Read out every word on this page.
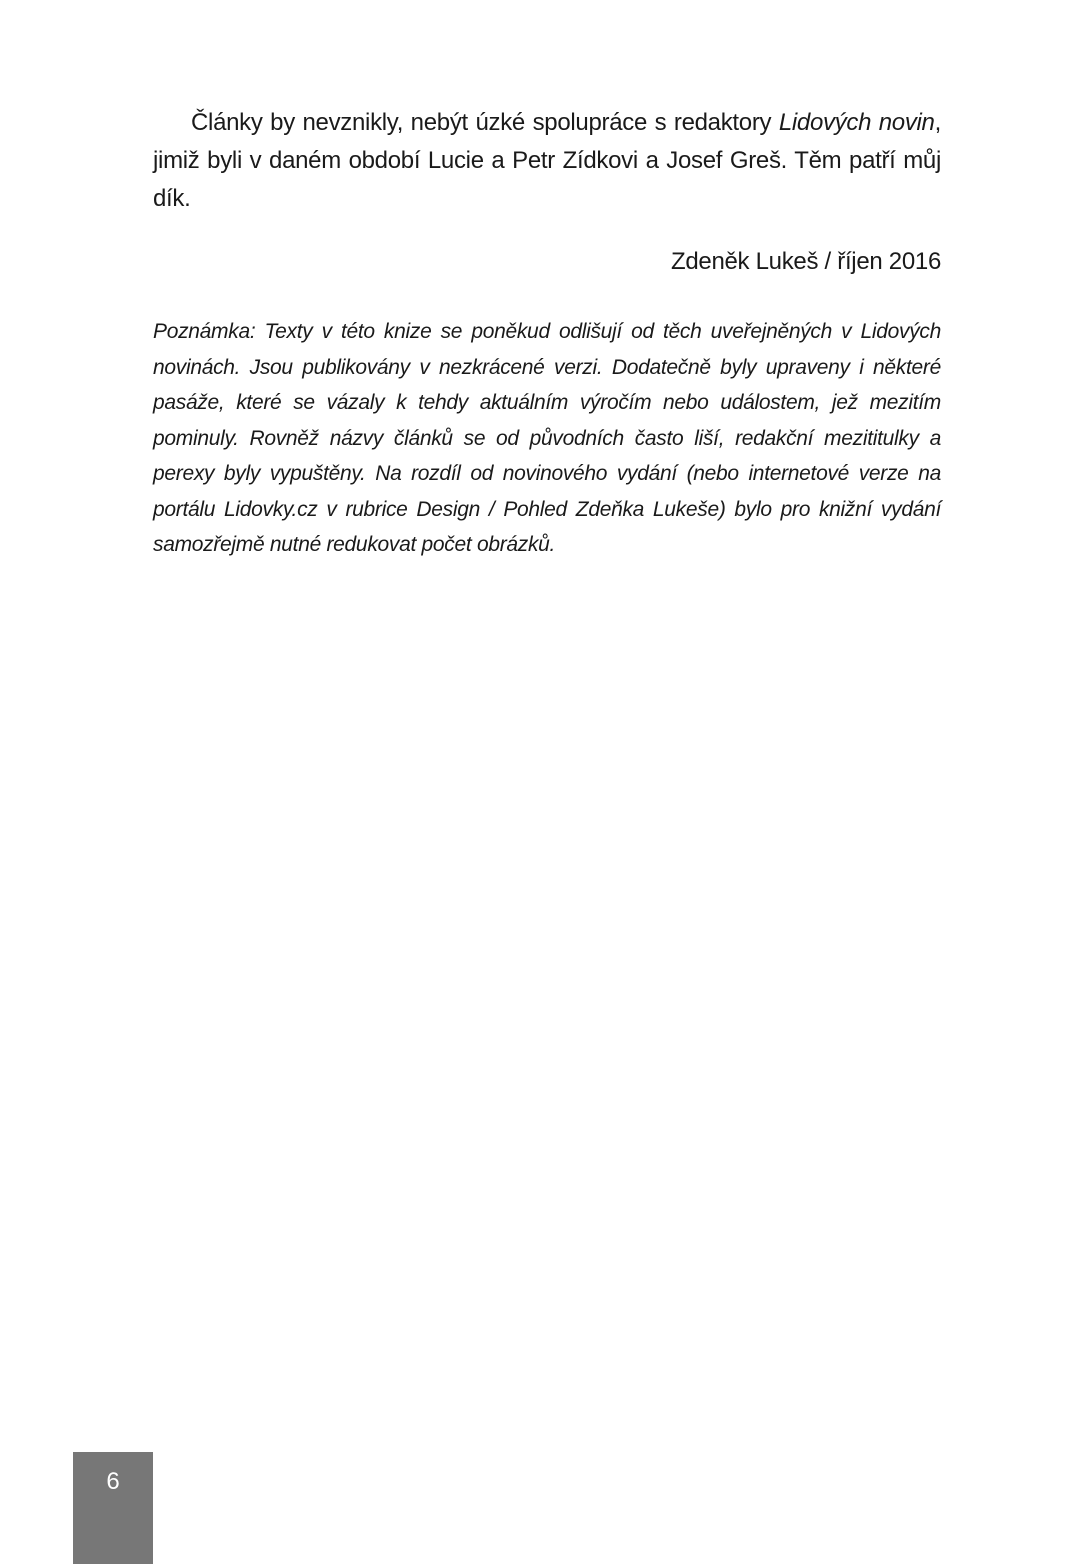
Články by nevznikly, nebýt úzké spolupráce s redaktory Lidových novin, jimiž byli v daném období Lucie a Petr Zídkovi a Josef Greš. Těm patří můj dík.

Zdeněk Lukeš / říjen 2016

Poznámka: Texty v této knize se poněkud odlišují od těch uveřejněných v Lidových novinách. Jsou publikovány v nezkrácené verzi. Dodatečně byly upraveny i některé pasáže, které se vázaly k tehdy aktuálním výročím nebo událostem, jež mezitím pominuly. Rovněž názvy článků se od původních často liší, redakční mezititulky a perexy byly vypuštěny. Na rozdíl od novinového vydání (nebo internetové verze na portálu Lidovky.cz v rubrice Design / Pohled Zdeňka Lukeše) bylo pro knižní vydání samozřejmě nutné redukovat počet obrázků.

6
